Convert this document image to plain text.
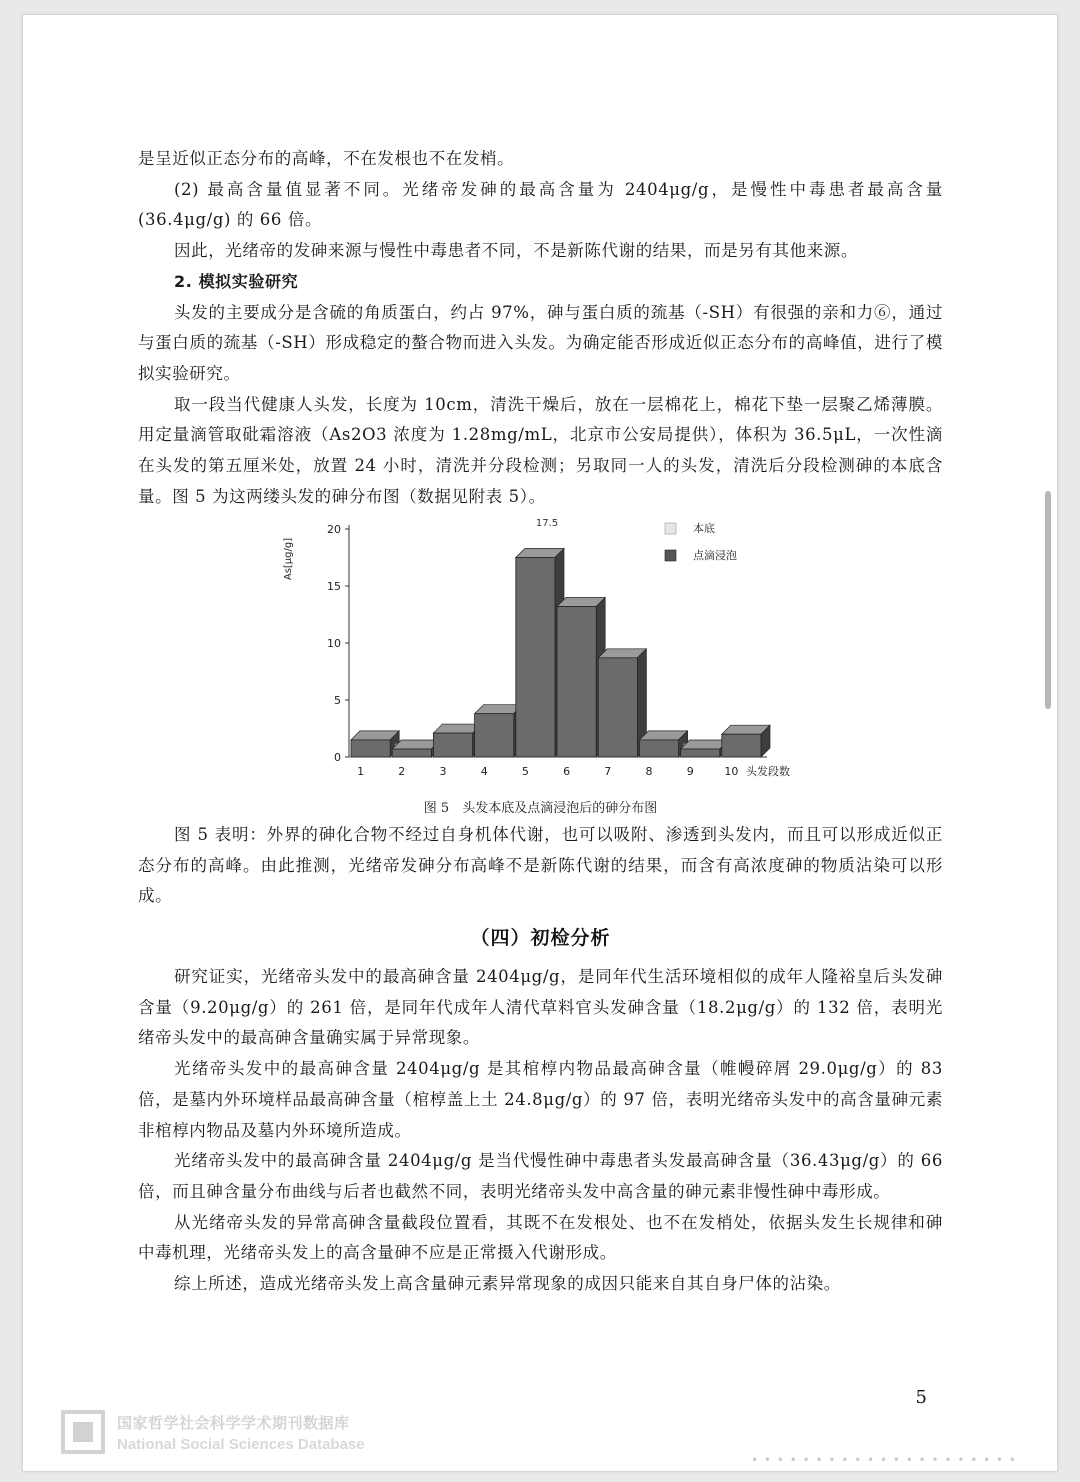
是呈近似正态分布的高峰，不在发根也不在发梢。

(2) 最高含量值显著不同。光绪帝发砷的最高含量为 2404μg/g，是慢性中毒患者最高含量(36.4μg/g) 的 66 倍。

因此，光绪帝的发砷来源与慢性中毒患者不同，不是新陈代谢的结果，而是另有其他来源。

2. 模拟实验研究

头发的主要成分是含硫的角质蛋白，约占 97%，砷与蛋白质的巯基（-SH）有很强的亲和力⑥，通过与蛋白质的巯基（-SH）形成稳定的螯合物而进入头发。为确定能否形成近似正态分布的高峰值，进行了模拟实验研究。

取一段当代健康人头发，长度为 10cm，清洗干燥后，放在一层棉花上，棉花下垫一层聚乙烯薄膜。用定量滴管取砒霜溶液（As2O3 浓度为 1.28mg/mL，北京市公安局提供），体积为 36.5μL，一次性滴在头发的第五厘米处，放置 24 小时，清洗并分段检测；另取同一人的头发，清洗后分段检测砷的本底含量。图 5 为这两缕头发的砷分布图（数据见附表 5）。

As[μg/g]
0
5
10
15
20
1	2	3	4	5	6	7	8	9	10
17.5	本底
点滴浸泡
头发段数
图 5　头发本底及点滴浸泡后的砷分布图

图 5 表明：外界的砷化合物不经过自身机体代谢，也可以吸附、渗透到头发内，而且可以形成近似正态分布的高峰。由此推测，光绪帝发砷分布高峰不是新陈代谢的结果，而含有高浓度砷的物质沾染可以形成。

（四）初检分析

研究证实，光绪帝头发中的最高砷含量 2404μg/g，是同年代生活环境相似的成年人隆裕皇后头发砷含量（9.20μg/g）的 261 倍，是同年代成年人清代草料官头发砷含量（18.2μg/g）的 132 倍，表明光绪帝头发中的最高砷含量确实属于异常现象。

光绪帝头发中的最高砷含量 2404μg/g 是其棺椁内物品最高砷含量（帷幔碎屑 29.0μg/g）的 83 倍，是墓内外环境样品最高砷含量（棺椁盖上土 24.8μg/g）的 97 倍，表明光绪帝头发中的高含量砷元素非棺椁内物品及墓内外环境所造成。

光绪帝头发中的最高砷含量 2404μg/g 是当代慢性砷中毒患者头发最高砷含量（36.43μg/g）的 66 倍，而且砷含量分布曲线与后者也截然不同，表明光绪帝头发中高含量的砷元素非慢性砷中毒形成。

从光绪帝头发的异常高砷含量截段位置看，其既不在发根处、也不在发梢处，依据头发生长规律和砷中毒机理，光绪帝头发上的高含量砷不应是正常摄入代谢形成。

综上所述，造成光绪帝头发上高含量砷元素异常现象的成因只能来自其自身尸体的沾染。

5
国家哲学社会科学学术期刊数据库
National Social Sciences Database
• • • • • • • • • • • • • • • • • • • • •
